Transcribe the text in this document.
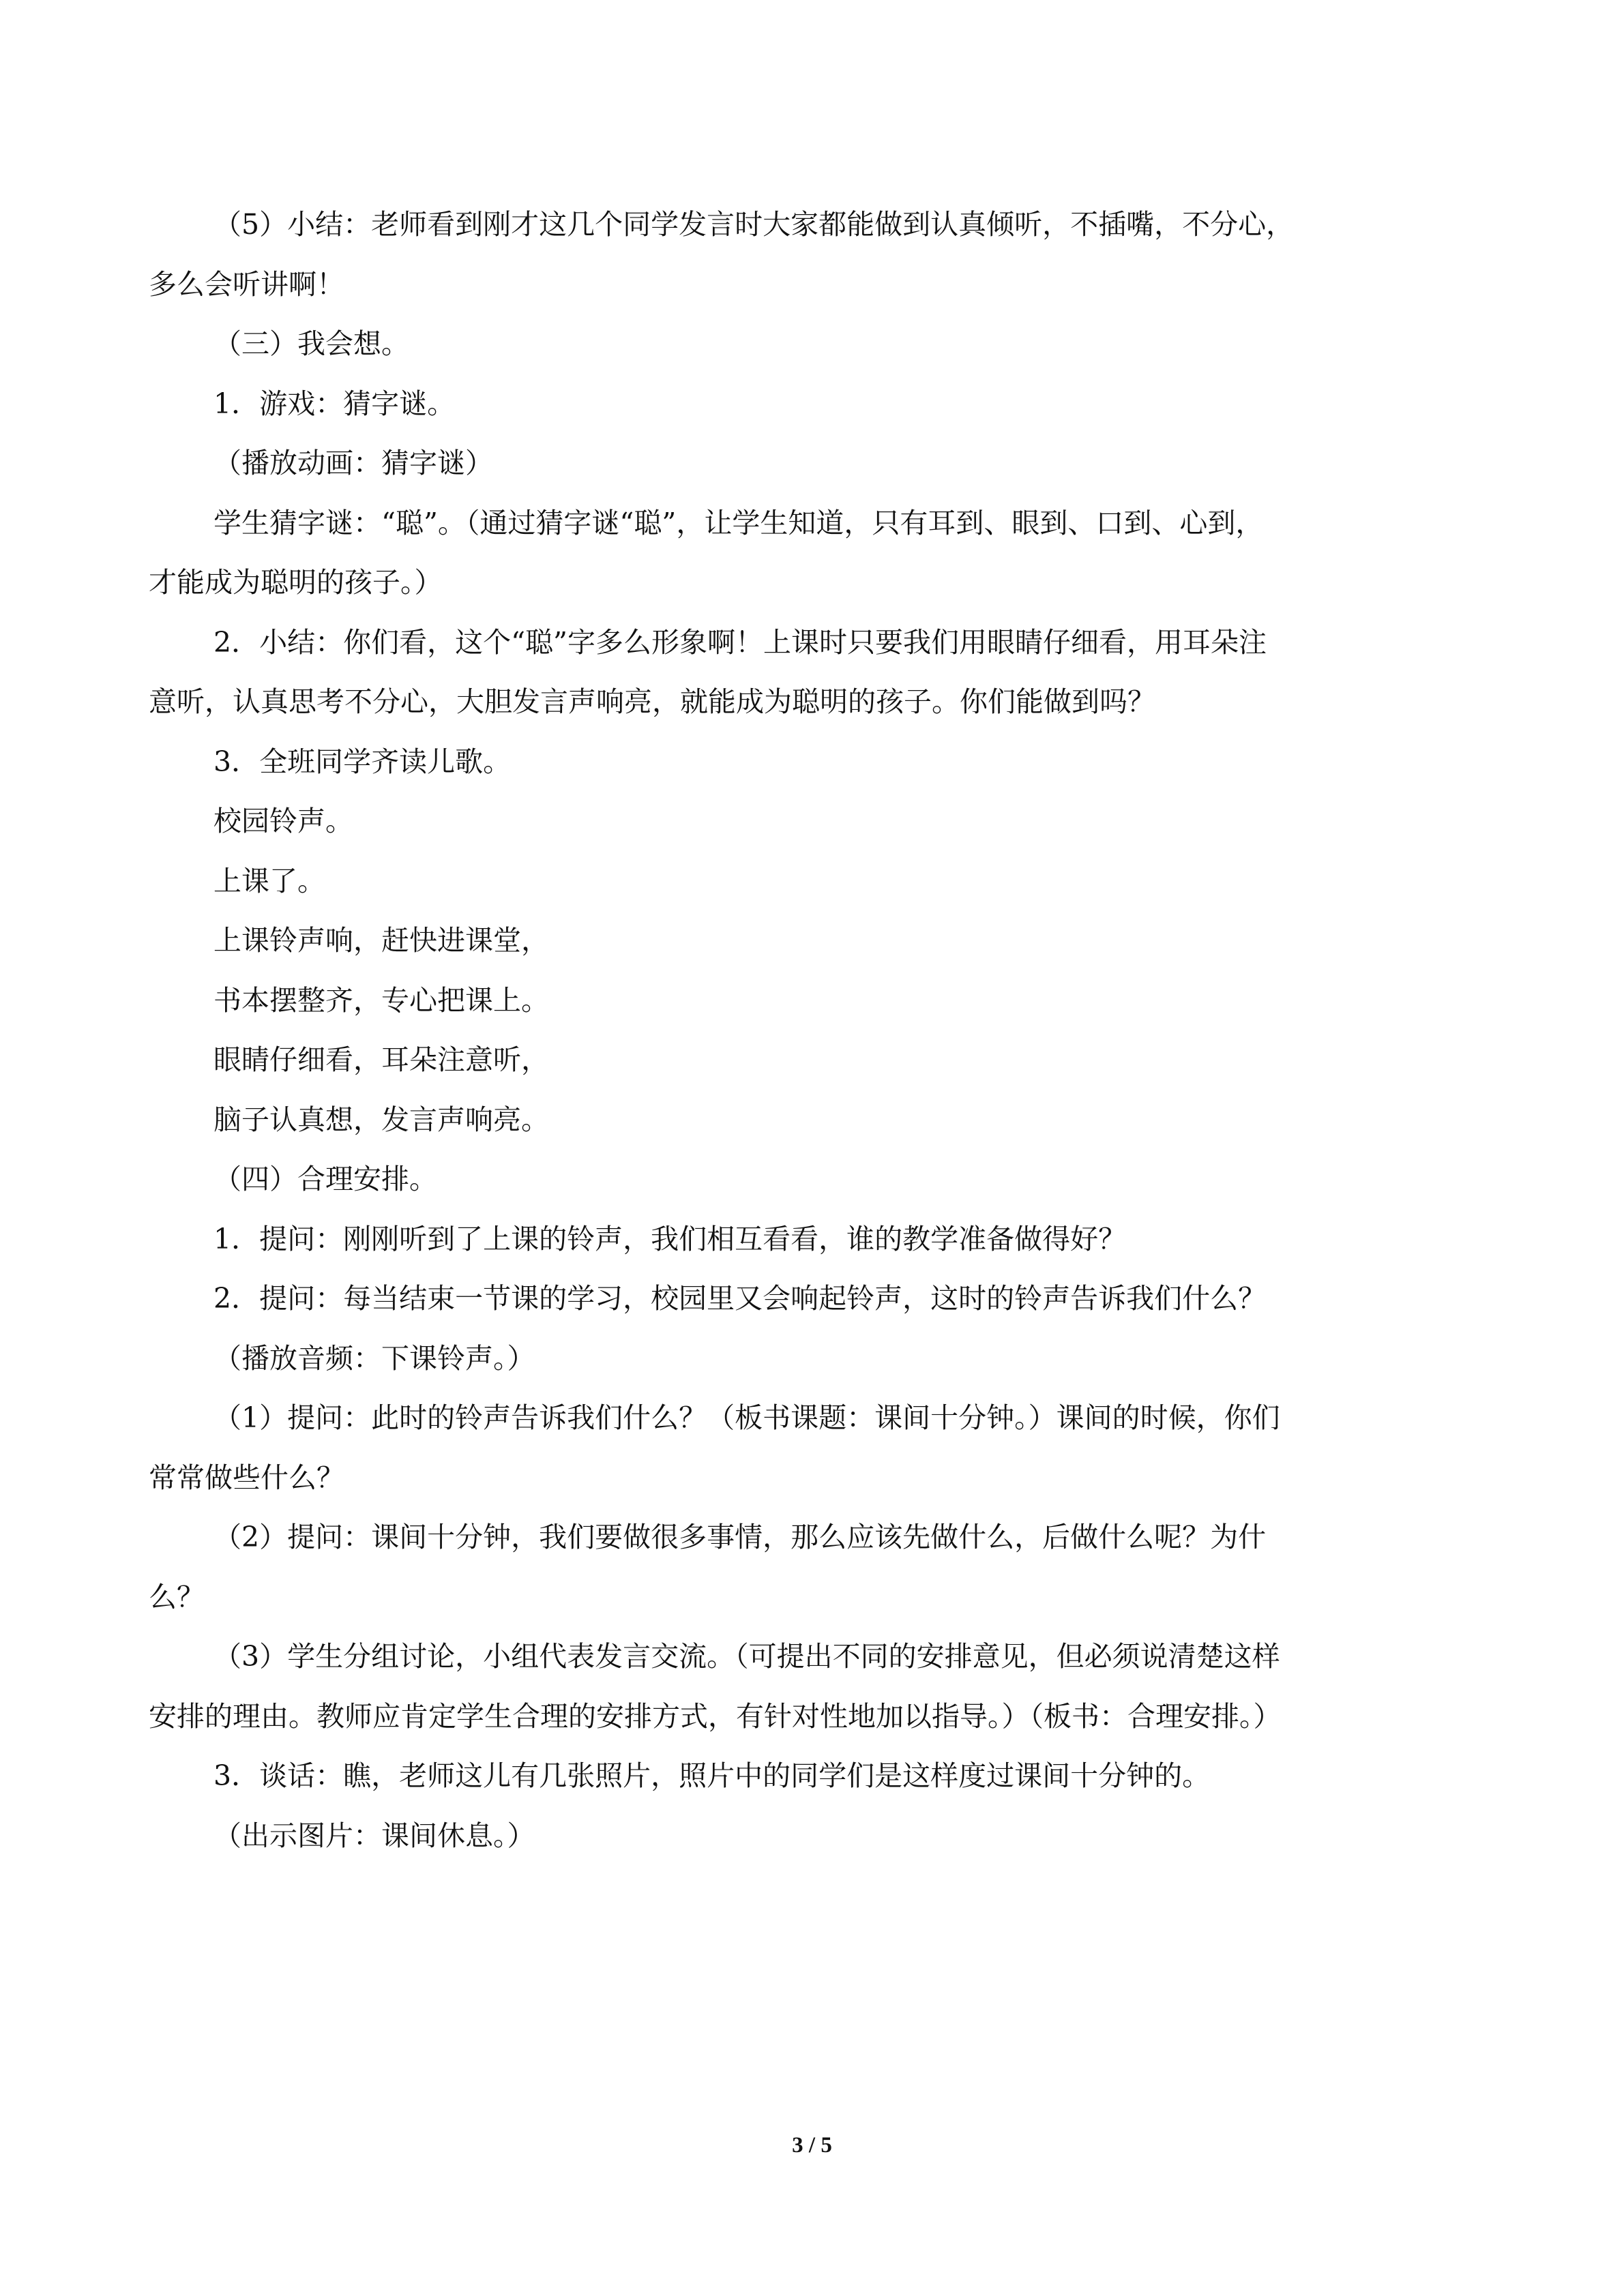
（5）小结：老师看到刚才这几个同学发言时大家都能做到认真倾听，不插嘴，不分心，

多么会听讲啊！

（三）我会想。

1．游戏：猜字谜。

（播放动画：猜字谜）

学生猜字谜：“聪”。（通过猜字谜“聪”，让学生知道，只有耳到、眼到、口到、心到，

才能成为聪明的孩子。）

2．小结：你们看，这个“聪”字多么形象啊！上课时只要我们用眼睛仔细看，用耳朵注

意听，认真思考不分心，大胆发言声响亮，就能成为聪明的孩子。你们能做到吗？

3．全班同学齐读儿歌。

校园铃声。

上课了。

上课铃声响，赶快进课堂，

书本摆整齐，专心把课上。

眼睛仔细看，耳朵注意听，

脑子认真想，发言声响亮。

（四）合理安排。

1．提问：刚刚听到了上课的铃声，我们相互看看，谁的教学准备做得好？

2．提问：每当结束一节课的学习，校园里又会响起铃声，这时的铃声告诉我们什么？

（播放音频：下课铃声。）

（1）提问：此时的铃声告诉我们什么？（板书课题：课间十分钟。）课间的时候，你们

常常做些什么？

（2）提问：课间十分钟，我们要做很多事情，那么应该先做什么，后做什么呢？为什

么？

（3）学生分组讨论，小组代表发言交流。（可提出不同的安排意见，但必须说清楚这样

安排的理由。教师应肯定学生合理的安排方式，有针对性地加以指导。）（板书：合理安排。）

3．谈话：瞧，老师这儿有几张照片，照片中的同学们是这样度过课间十分钟的。

（出示图片：课间休息。）

3 / 5
